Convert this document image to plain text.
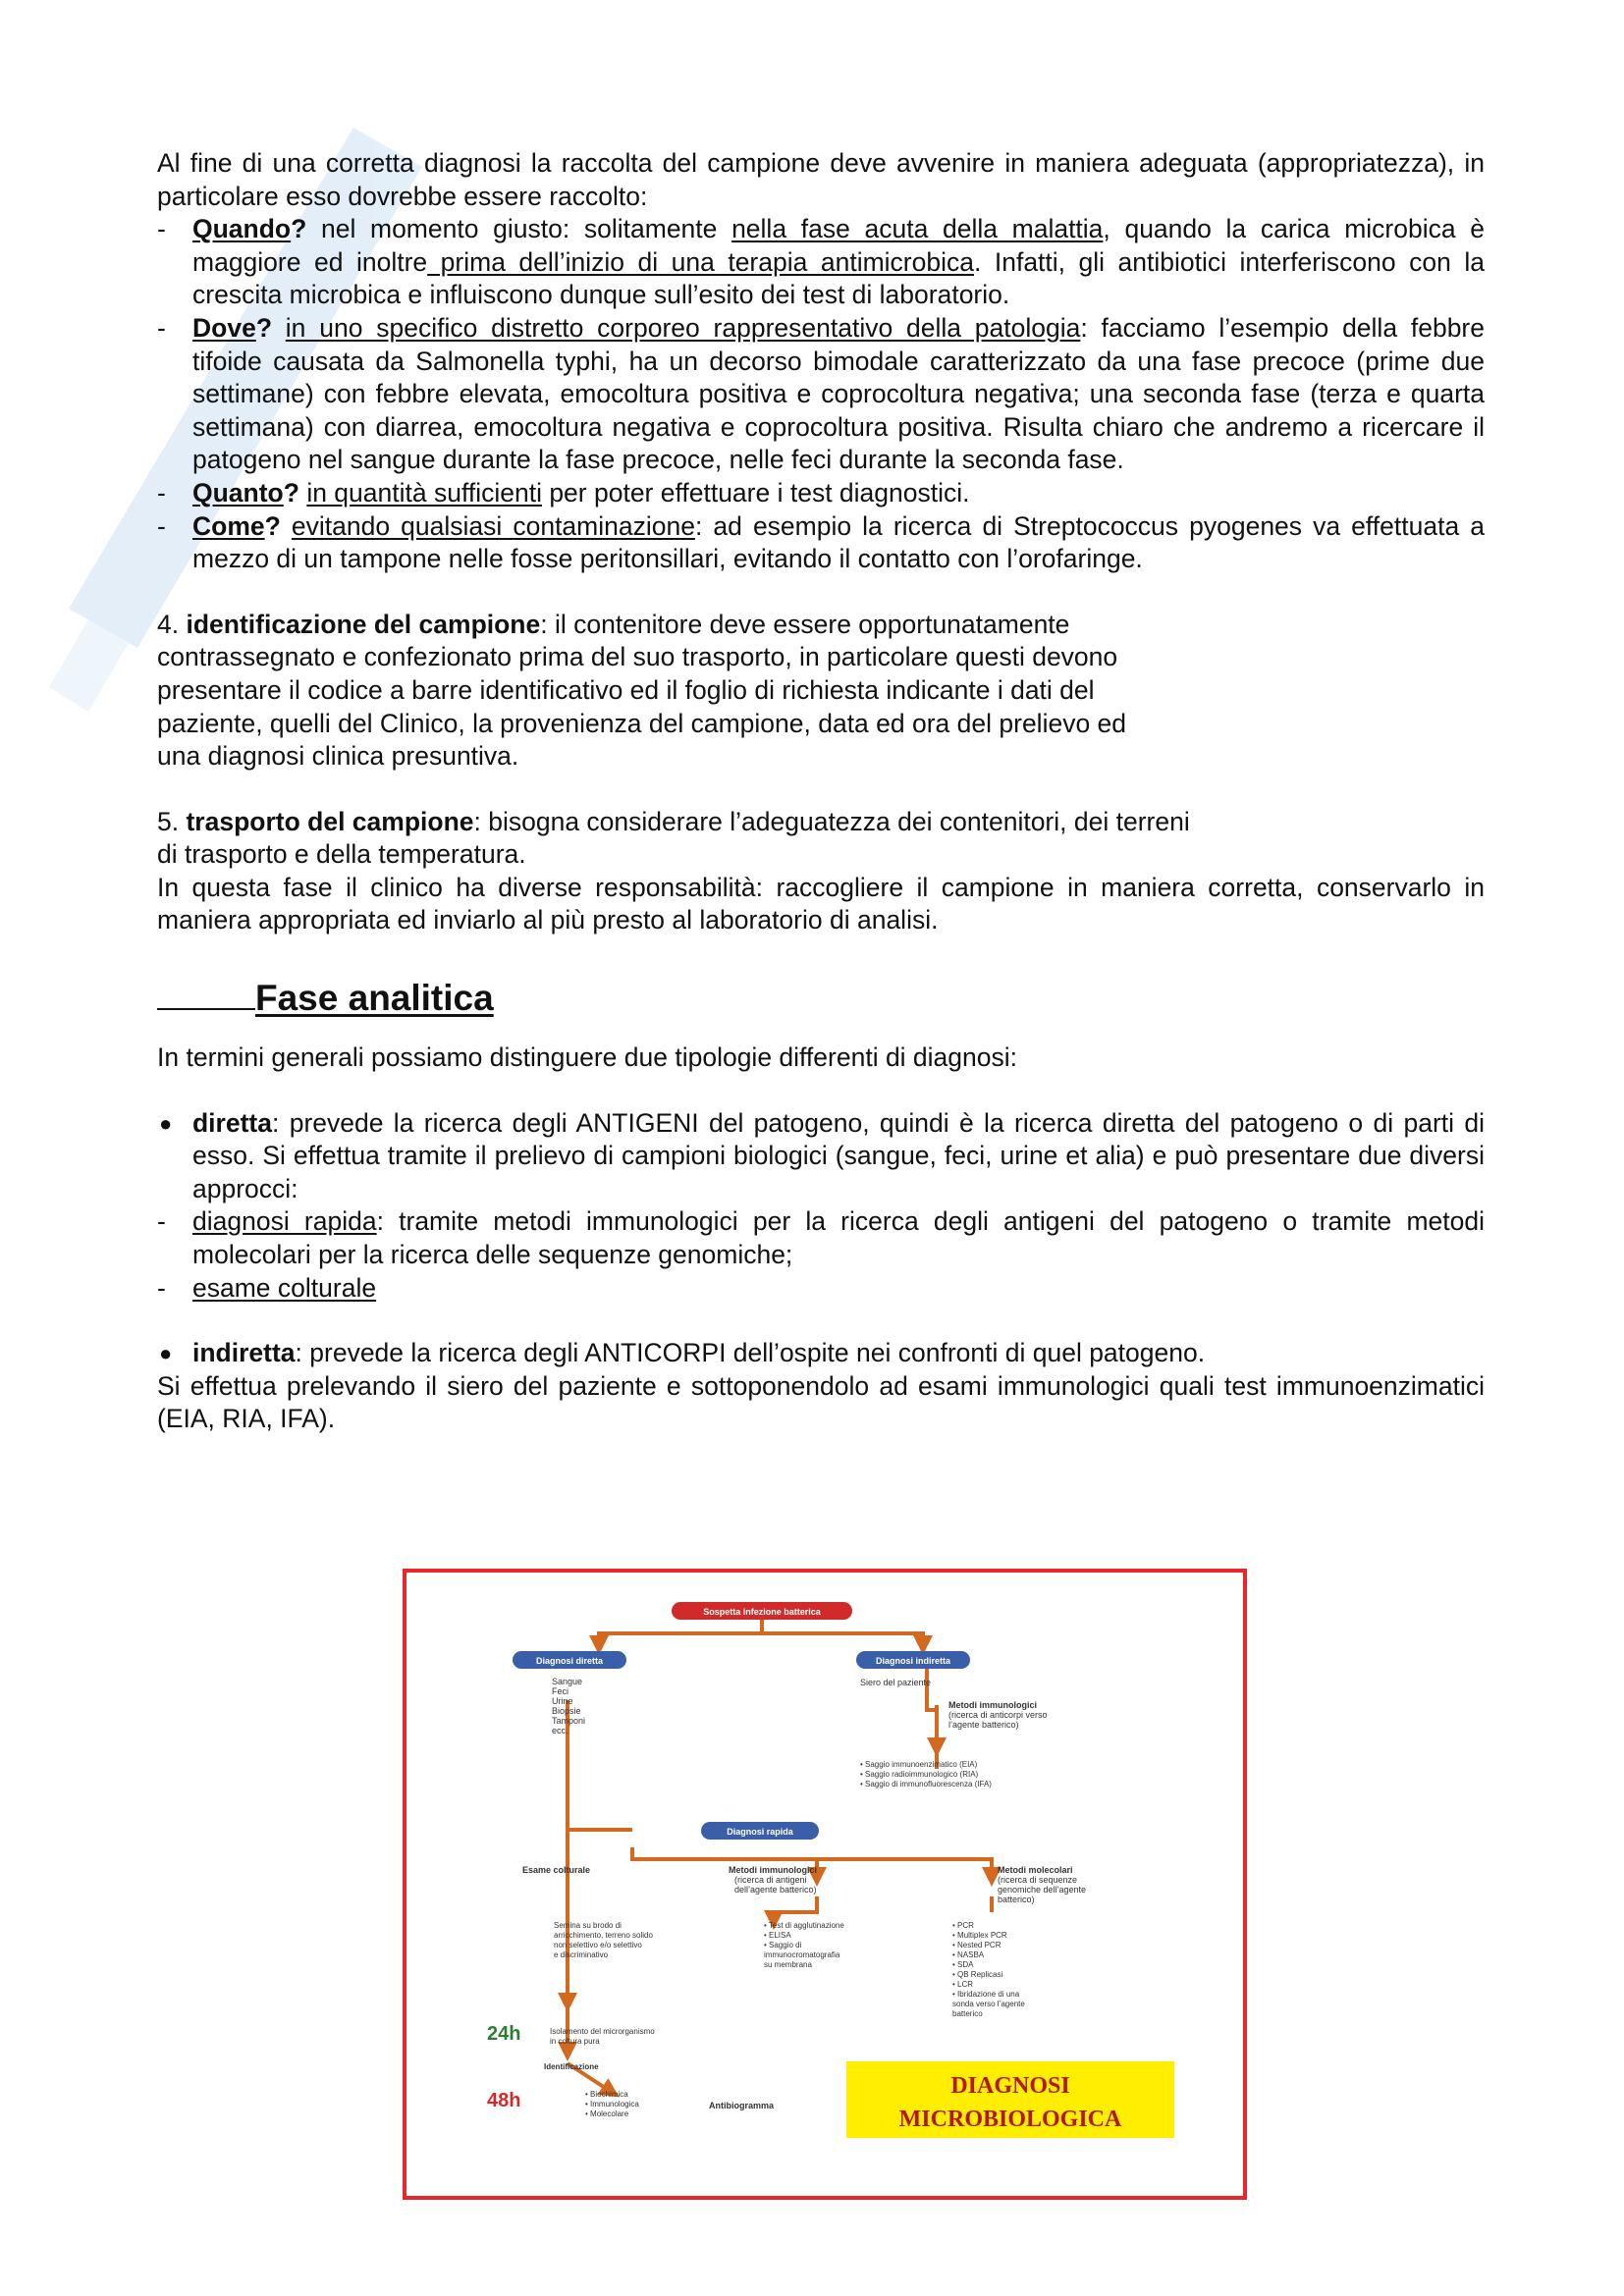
Al fine di una corretta diagnosi la raccolta del campione deve avvenire in maniera adeguata (appropriatezza), in particolare esso dovrebbe essere raccolto:

- Quando? nel momento giusto: solitamente nella fase acuta della malattia, quando la carica microbica è maggiore ed inoltre prima dell’inizio di una terapia antimicrobica. Infatti, gli antibiotici interferiscono con la crescita microbica e influiscono dunque sull’esito dei test di laboratorio.
- Dove? in uno specifico distretto corporeo rappresentativo della patologia: facciamo l’esempio della febbre tifoide causata da Salmonella typhi, ha un decorso bimodale caratterizzato da una fase precoce (prime due settimane) con febbre elevata, emocoltura positiva e coprocoltura negativa; una seconda fase (terza e quarta settimana) con diarrea, emocoltura negativa e coprocoltura positiva. Risulta chiaro che andremo a ricercare il patogeno nel sangue durante la fase precoce, nelle feci durante la seconda fase.
- Quanto? in quantità sufficienti per poter effettuare i test diagnostici.
- Come? evitando qualsiasi contaminazione: ad esempio la ricerca di Streptococcus pyogenes va effettuata a mezzo di un tampone nelle fosse peritonsillari, evitando il contatto con l’orofaringe.
4. identificazione del campione: il contenitore deve essere opportunatamente
contrassegnato e confezionato prima del suo trasporto, in particolare questi devono
presentare il codice a barre identificativo ed il foglio di richiesta indicante i dati del
paziente, quelli del Clinico, la provenienza del campione, data ed ora del prelievo ed
una diagnosi clinica presuntiva.
5. trasporto del campione: bisogna considerare l’adeguatezza dei contenitori, dei terreni
di trasporto e della temperatura.

In questa fase il clinico ha diverse responsabilità: raccogliere il campione in maniera corretta, conservarlo in maniera appropriata ed inviarlo al più presto al laboratorio di analisi.

Fase analitica

In termini generali possiamo distinguere due tipologie differenti di diagnosi:

● diretta: prevede la ricerca degli ANTIGENI del patogeno, quindi è la ricerca diretta del patogeno o di parti di esso. Si effettua tramite il prelievo di campioni biologici (sangue, feci, urine et alia) e può presentare due diversi approcci:
- diagnosi rapida: tramite metodi immunologici per la ricerca degli antigeni del patogeno o tramite metodi molecolari per la ricerca delle sequenze genomiche;
- esame colturale
● indiretta: prevede la ricerca degli ANTICORPI dell’ospite nei confronti di quel patogeno.

Si effettua prelevando il siero del paziente e sottoponendolo ad esami immunologici quali test immunoenzimatici (EIA, RIA, IFA).

Sospetta infezione batterica
Diagnosi diretta	Diagnosi indiretta
Sangue
Feci
Urine
Biopsie
Tamponi
ecc.
Siero del paziente
Metodi immunologici
(ricerca di anticorpi verso
l’agente batterico)
• Saggio immunoenzimatico (EIA)
• Saggio radioimmunologico (RIA)
• Saggio di immunofluorescenza (IFA)
Diagnosi rapida
Esame colturale	Metodi immunologici
(ricerca di antigeni
dell’agente batterico)
Metodi molecolari
(ricerca di sequenze
genomiche dell’agente
batterico)
Semina su brodo di
arricchimento, terreno solido
non selettivo e/o selettivo
e discriminativo
• Test di agglutinazione
• ELISA
• Saggio di
immunocromatografia
su membrana
• PCR
• Multiplex PCR
• Nested PCR
• NASBA
• SDA
• QB Replicasi
• LCR
• Ibridazione di una
sonda verso l’agente
batterico
24h	Isolamento del microrganismo
in coltura pura
Identificazione
48h	• Biochimica
• Immunologica
• Molecolare
Antibiogramma
DIAGNOSI
MICROBIOLOGICA
